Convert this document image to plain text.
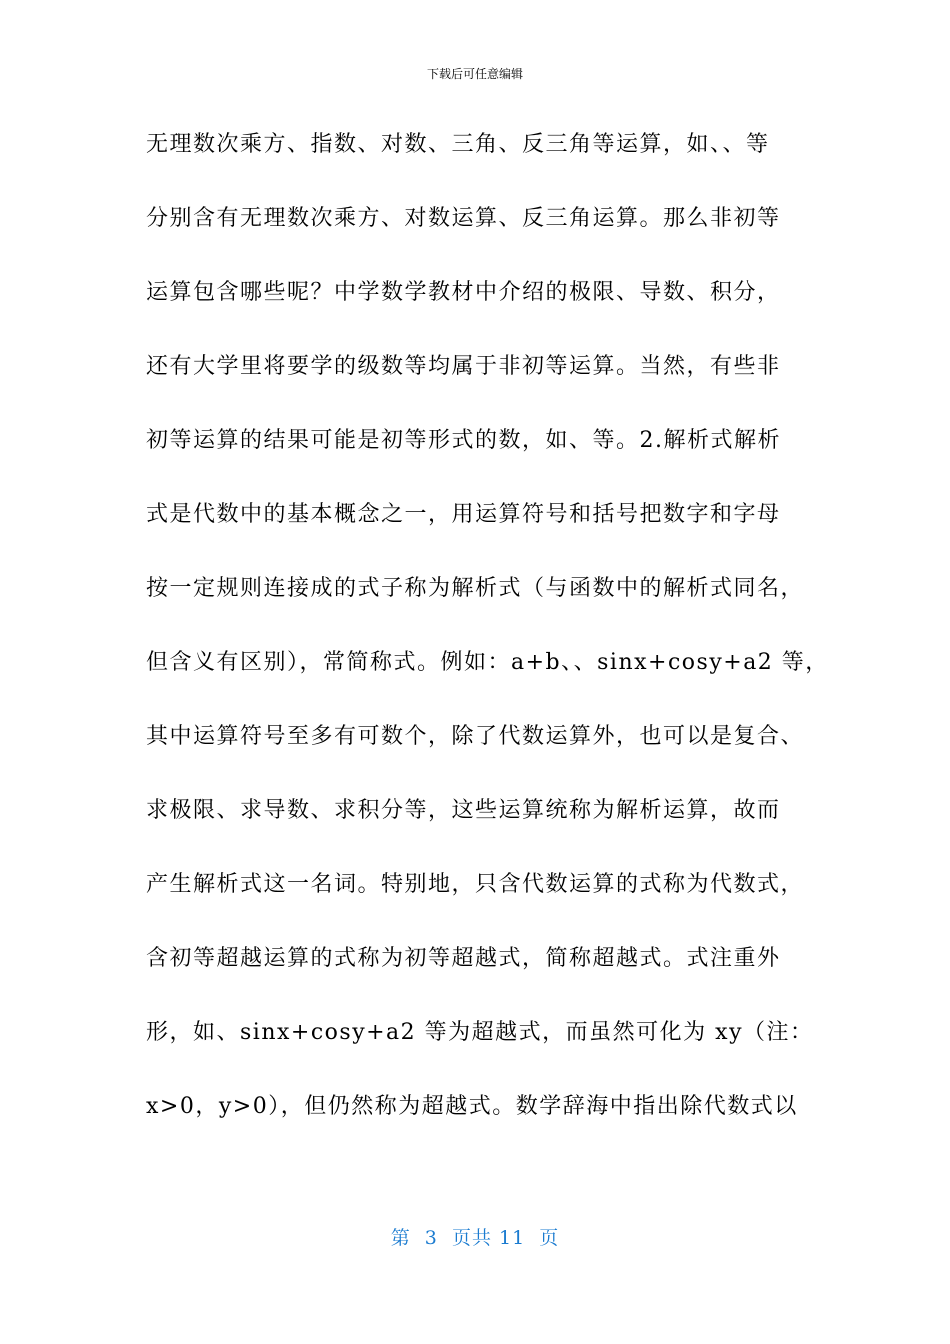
下载后可任意编辑
无理数次乘方、指数、对数、三角、反三角等运算，如、、等
分别含有无理数次乘方、对数运算、反三角运算。那么非初等
运算包含哪些呢？中学数学教材中介绍的极限、导数、积分，
还有大学里将要学的级数等均属于非初等运算。当然，有些非
初等运算的结果可能是初等形式的数，如、等。2.解析式解析
式是代数中的基本概念之一，用运算符号和括号把数字和字母
按一定规则连接成的式子称为解析式（与函数中的解析式同名，
但含义有区别），常简称式。例如：a+b、、sinx+cosy+a2 等，
其中运算符号至多有可数个，除了代数运算外，也可以是复合、
求极限、求导数、求积分等，这些运算统称为解析运算，故而
产生解析式这一名词。特别地，只含代数运算的式称为代数式，
含初等超越运算的式称为初等超越式，简称超越式。式注重外
形，如、sinx+cosy+a2 等为超越式，而虽然可化为 xy（注：
x>0，y>0），但仍然称为超越式。数学辞海中指出除代数式以
第  3  页共 11  页
